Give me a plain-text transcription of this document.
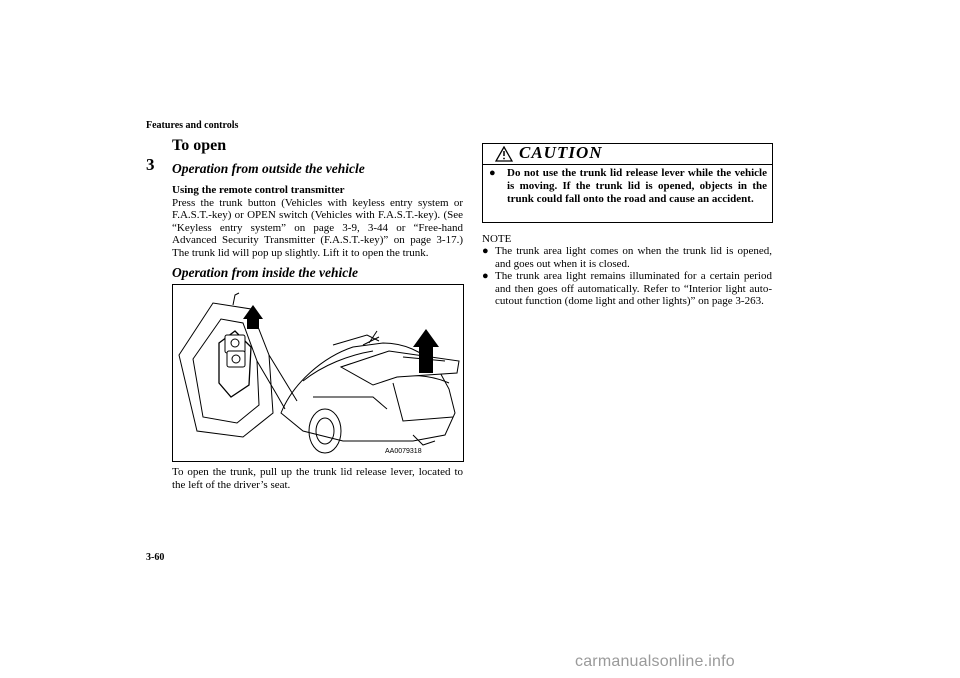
Features and controls
3
To open
Operation from outside the vehicle
Using the remote control transmitter
Press the trunk button (Vehicles with keyless entry system or F.A.S.T.-key) or OPEN switch (Vehicles with F.A.S.T.-key). (See “Keyless entry system” on page 3-9, 3-44 or “Free-hand Advanced Security Transmitter (F.A.S.T.-key)” on page 3-17.) The trunk lid will pop up slightly. Lift it to open the trunk.
Operation from inside the vehicle
AA0079318
To open the trunk, pull up the trunk lid release lever, located to the left of the driver’s seat.
CAUTION
●	Do not use the trunk lid release lever while the vehicle is moving. If the trunk lid is opened, objects in the trunk could fall onto the road and cause an accident.
NOTE
● The trunk area light comes on when the trunk lid is opened, and goes out when it is closed.
● The trunk area light remains illuminated for a certain period and then goes off automatically. Refer to “Interior light auto-cutout function (dome light and other lights)” on page 3-263.
3-60
carmanualsonline.info
